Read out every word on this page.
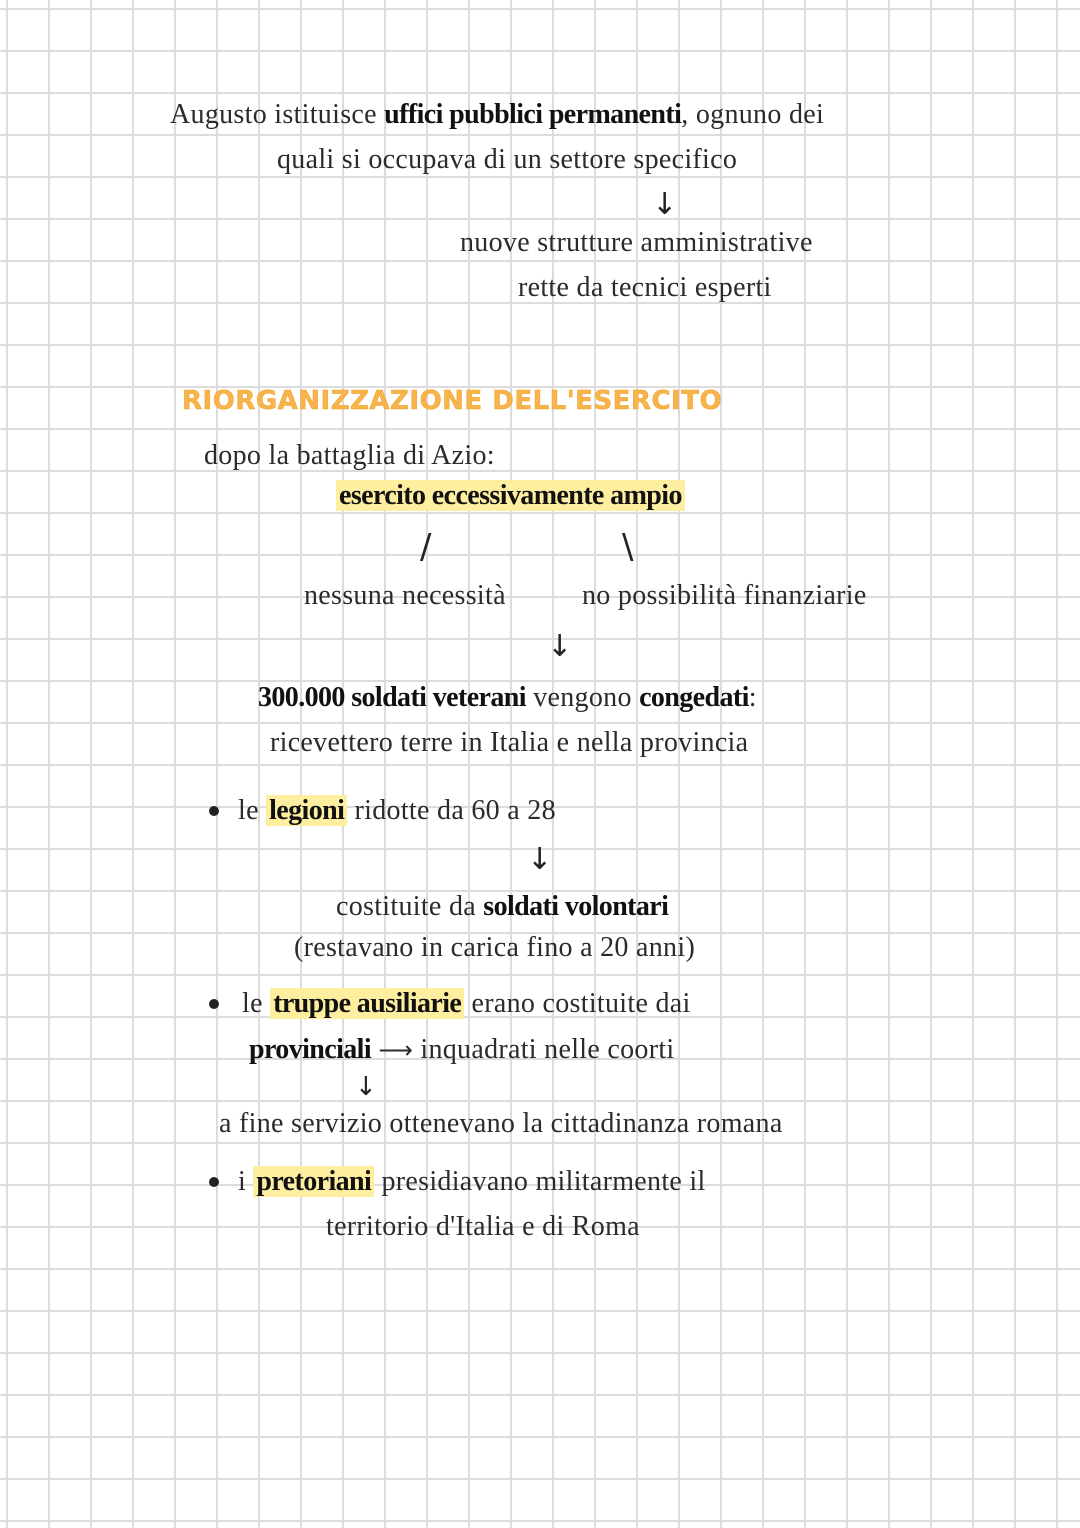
Augusto istituisce uffici pubblici permanenti, ognuno dei
quali si occupava di un settore specifico
↓
nuove strutture amministrative
rette da tecnici esperti
RIORGANIZZAZIONE DELL'ESERCITO
dopo la battaglia di Azio:
esercito eccessivamente ampio
/	\
nessuna necessità	no possibilità finanziarie
↓
300.000 soldati veterani vengono congedati:
ricevettero terre in Italia e nella provincia
le legioni ridotte da 60 a 28
↓
costituite da soldati volontari
(restavano in carica fino a 20 anni)
le truppe ausiliarie erano costituite dai
provinciali ⟶ inquadrati nelle coorti
↓
a fine servizio ottenevano la cittadinanza romana
i pretoriani presidiavano militarmente il
territorio d'Italia e di Roma
